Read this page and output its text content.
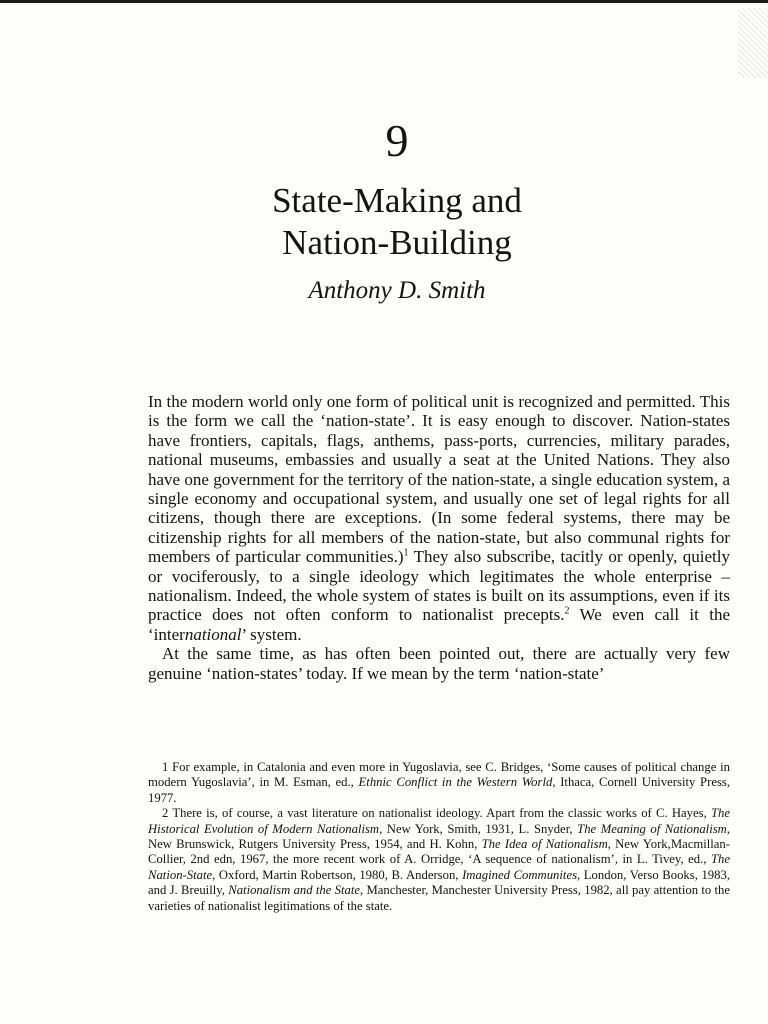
9
State-Making and
Nation-Building
Anthony D. Smith

In the modern world only one form of political unit is recognized and permitted. This is the form we call the ‘nation-state’. It is easy enough to discover. Nation-states have frontiers, capitals, flags, anthems, pass-ports, currencies, military parades, national museums, embassies and usually a seat at the United Nations. They also have one government for the territory of the nation-state, a single education system, a single economy and occupational system, and usually one set of legal rights for all citizens, though there are exceptions. (In some federal systems, there may be citizenship rights for all members of the nation-state, but also communal rights for members of particular communities.)$^1$ They also subscribe, tacitly or openly, quietly or vociferously, to a single ideology which legitimates the whole enterprise – nationalism. Indeed, the whole system of states is built on its assumptions, even if its practice does not often conform to nationalist precepts.$^2$ We even call it the ‘international’ system.

At the same time, as has often been pointed out, there are actually very few genuine ‘nation-states’ today. If we mean by the term ‘nation-state’

1 For example, in Catalonia and even more in Yugoslavia, see C. Bridges, ‘Some causes of political change in modern Yugoslavia’, in M. Esman, ed., Ethnic Conflict in the Western World, Ithaca, Cornell University Press, 1977.

2 There is, of course, a vast literature on nationalist ideology. Apart from the classic works of C. Hayes, The Historical Evolution of Modern Nationalism, New York, Smith, 1931, L. Snyder, The Meaning of Nationalism, New Brunswick, Rutgers University Press, 1954, and H. Kohn, The Idea of Nationalism, New York,Macmillan-Collier, 2nd edn, 1967, the more recent work of A. Orridge, ‘A sequence of nationalism’, in L. Tivey, ed., The Nation-State, Oxford, Martin Robertson, 1980, B. Anderson, Imagined Communites, London, Verso Books, 1983, and J. Breuilly, Nationalism and the State, Manchester, Manchester University Press, 1982, all pay attention to the varieties of nationalist legitimations of the state.
